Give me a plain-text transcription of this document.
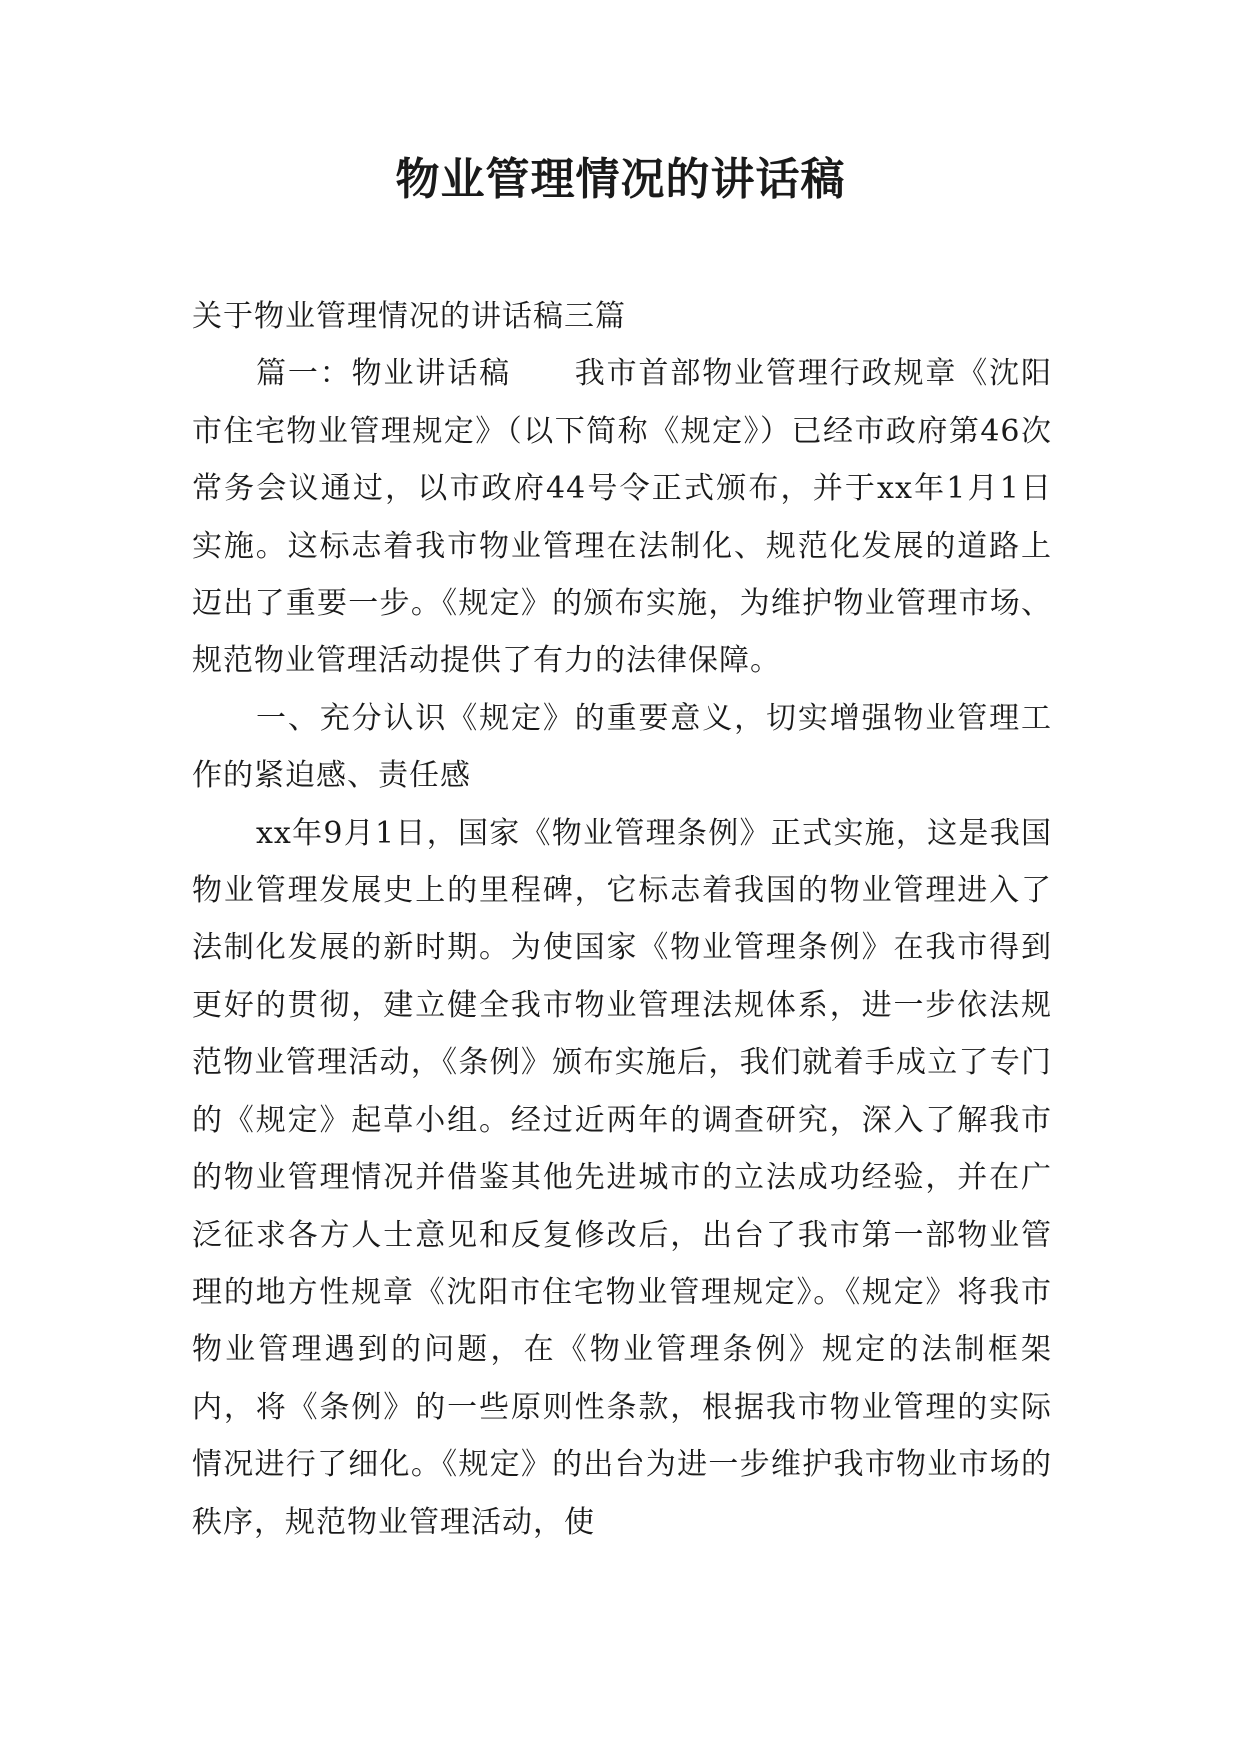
物业管理情况的讲话稿

关于物业管理情况的讲话稿三篇

篇一：物业讲话稿　　我市首部物业管理行政规章《沈阳市住宅物业管理规定》（以下简称《规定》）已经市政府第46次常务会议通过，以市政府44号令正式颁布，并于xx年1月1日实施。这标志着我市物业管理在法制化、规范化发展的道路上迈出了重要一步。《规定》的颁布实施，为维护物业管理市场、规范物业管理活动提供了有力的法律保障。

一、充分认识《规定》的重要意义，切实增强物业管理工作的紧迫感、责任感

xx年9月1日，国家《物业管理条例》正式实施，这是我国物业管理发展史上的里程碑，它标志着我国的物业管理进入了法制化发展的新时期。为使国家《物业管理条例》在我市得到更好的贯彻，建立健全我市物业管理法规体系，进一步依法规范物业管理活动，《条例》颁布实施后，我们就着手成立了专门的《规定》起草小组。经过近两年的调查研究，深入了解我市的物业管理情况并借鉴其他先进城市的立法成功经验，并在广泛征求各方人士意见和反复修改后，出台了我市第一部物业管理的地方性规章《沈阳市住宅物业管理规定》。《规定》将我市物业管理遇到的问题，在《物业管理条例》规定的法制框架内，将《条例》的一些原则性条款，根据我市物业管理的实际情况进行了细化。《规定》的出台为进一步维护我市物业市场的秩序，规范物业管理活动，使
